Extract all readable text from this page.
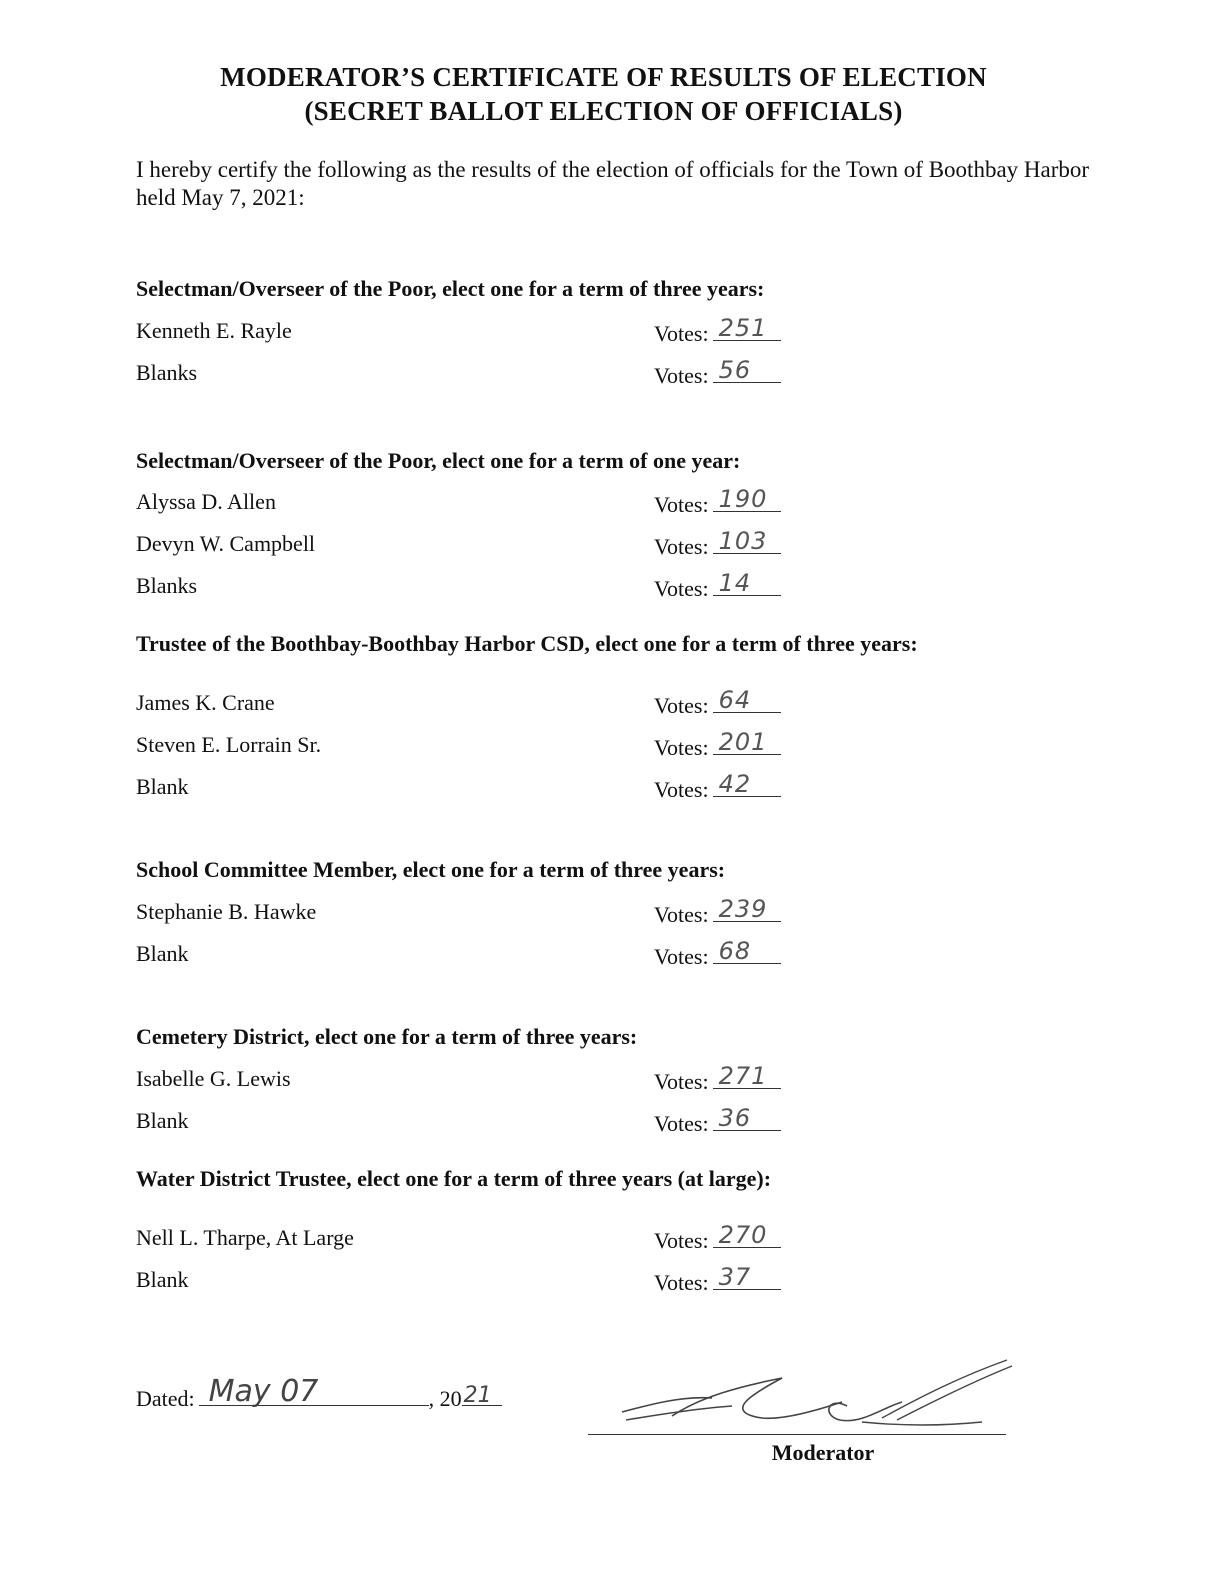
MODERATOR’S CERTIFICATE OF RESULTS OF ELECTION
(SECRET BALLOT ELECTION OF OFFICIALS)
I hereby certify the following as the results of the election of officials for the Town of Boothbay Harbor held May 7, 2021:
Selectman/Overseer of the Poor, elect one for a term of three years:
Kenneth E. Rayle	Votes: 251
Blanks	Votes: 56
Selectman/Overseer of the Poor, elect one for a term of one year:
Alyssa D. Allen	Votes: 190
Devyn W. Campbell	Votes: 103
Blanks	Votes: 14
Trustee of the Boothbay-Boothbay Harbor CSD, elect one for a term of three years:
James K. Crane	Votes: 64
Steven E. Lorrain Sr.	Votes: 201
Blank	Votes: 42
School Committee Member, elect one for a term of three years:
Stephanie B. Hawke	Votes: 239
Blank	Votes: 68
Cemetery District, elect one for a term of three years:
Isabelle G. Lewis	Votes: 271
Blank	Votes: 36
Water District Trustee, elect one for a term of three years (at large):
Nell L. Tharpe, At Large	Votes: 270
Blank	Votes: 37
Dated: May 07	, 20 21
Moderator
